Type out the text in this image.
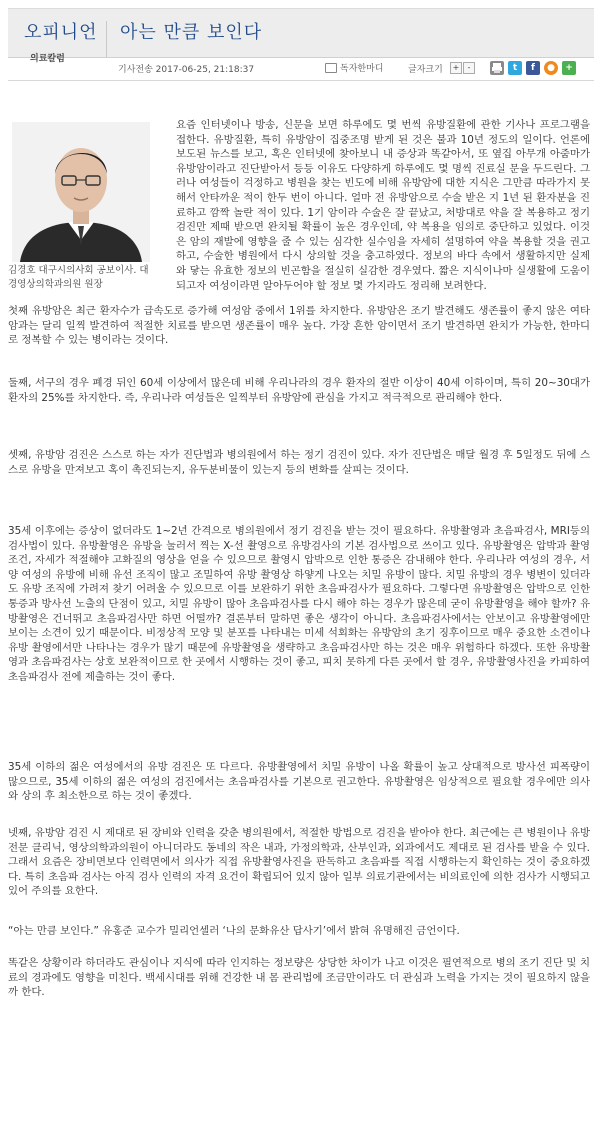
오피니언
의료칼럼
아는 만큼 보인다
기사전송 2017-06-25, 21:18:37	독자한마디	글자크기	+	-	t	f	●	+
김경호 대구시의사회 공보이사. 대경영상의학과의원 원장

요즘 인터넷이나 방송, 신문을 보면 하루에도 몇 번씩 유방질환에 관한 기사나 프로그램을 접한다. 유방질환, 특히 유방암이 집중조명 받게 된 것은 불과 10년 정도의 일이다. 언론에 보도된 뉴스를 보고, 혹은 인터넷에 찾아보니 내 증상과 똑같아서, 또 옆집 아무개 아줌마가 유방암이라고 진단받아서 등등 이유도 다양하게 하루에도 몇 명씩 진료실 문을 두드린다. 그러나 여성들이 걱정하고 병원을 찾는 빈도에 비해 유방암에 대한 지식은 그만큼 따라가지 못해서 안타까운 적이 한두 번이 아니다. 얼마 전 유방암으로 수술 받은 지 1년 된 환자분을 진료하고 깜짝 놀란 적이 있다. 1기 암이라 수술은 잘 끝났고, 처방대로 약을 잘 복용하고 정기검진만 제때 받으면 완치될 확률이 높은 경우인데, 약 복용을 임의로 중단하고 있었다. 이것은 암의 재발에 영향을 줄 수 있는 심각한 실수임을 자세히 설명하여 약을 복용할 것을 권고하고, 수술한 병원에서 다시 상의할 것을 충고하였다. 정보의 바다 속에서 생활하지만 실제 와 닿는 유효한 정보의 빈곤함을 절실히 실감한 경우였다. 짧은 지식이나마 실생활에 도움이 되고자 여성이라면 알아두어야 할 정보 몇 가지라도 정리해 보려한다.

첫째 유방암은 최근 환자수가 급속도로 증가해 여성암 중에서 1위를 차지한다. 유방암은 조기 발견해도 생존률이 좋지 않은 여타 암과는 달리 일찍 발견하여 적절한 치료를 받으면 생존률이 매우 높다. 가장 흔한 암이면서 조기 발견하면 완치가 가능한, 한마디로 정복할 수 있는 병이라는 것이다.

둘째, 서구의 경우 폐경 뒤인 60세 이상에서 많은데 비해 우리나라의 경우 환자의 절반 이상이 40세 이하이며, 특히 20~30대가 환자의 25%를 차지한다. 즉, 우리나라 여성들은 일찍부터 유방암에 관심을 가지고 적극적으로 관리해야 한다.

셋째, 유방암 검진은 스스로 하는 자가 진단법과 병의원에서 하는 정기 검진이 있다. 자가 진단법은 매달 월경 후 5일정도 뒤에 스스로 유방을 만져보고 혹이 촉진되는지, 유두분비물이 있는지 등의 변화를 살피는 것이다.

35세 이후에는 증상이 없더라도 1~2년 간격으로 병의원에서 정기 검진을 받는 것이 필요하다. 유방촬영과 초음파검사, MRI등의 검사법이 있다. 유방촬영은 유방을 눌러서 찍는 X-선 촬영으로 유방검사의 기본 검사법으로 쓰이고 있다. 유방촬영은 압박과 촬영 조건, 자세가 적절해야 고화질의 영상을 얻을 수 있으므로 촬영시 압박으로 인한 통증은 감내해야 한다. 우리나라 여성의 경우, 서양 여성의 유방에 비해 유선 조직이 많고 조밀하여 유방 촬영상 하얗게 나오는 치밀 유방이 많다. 치밀 유방의 경우 병변이 있더라도 유방 조직에 가려져 찾기 어려울 수 있으므로 이를 보완하기 위한 초음파검사가 필요하다. 그렇다면 유방촬영은 압박으로 인한 통증과 방사선 노출의 단점이 있고, 치밀 유방이 많아 초음파검사를 다시 해야 하는 경우가 많은데 굳이 유방촬영을 해야 할까? 유방촬영은 건너뛰고 초음파검사만 하면 어떨까? 결론부터 말하면 좋은 생각이 아니다. 초음파검사에서는 안보이고 유방촬영에만 보이는 소견이 있기 때문이다. 비정상적 모양 및 분포를 나타내는 미세 석회화는 유방암의 초기 징후이므로 매우 중요한 소견이나 유방 촬영에서만 나타나는 경우가 많기 때문에 유방촬영을 생략하고 초음파검사만 하는 것은 매우 위험하다 하겠다. 또한 유방촬영과 초음파검사는 상호 보완적이므로 한 곳에서 시행하는 것이 좋고, 피치 못하게 다른 곳에서 할 경우, 유방촬영사진을 카피하여 초음파검사 전에 제출하는 것이 좋다.

35세 이하의 젊은 여성에서의 유방 검진은 또 다르다. 유방촬영에서 치밀 유방이 나올 확률이 높고 상대적으로 방사선 피폭량이 많으므로, 35세 이하의 젊은 여성의 검진에서는 초음파검사를 기본으로 권고한다. 유방촬영은 임상적으로 필요할 경우에만 의사와 상의 후 최소한으로 하는 것이 좋겠다.

넷째, 유방암 검진 시 제대로 된 장비와 인력을 갖춘 병의원에서, 적절한 방법으로 검진을 받아야 한다. 최근에는 큰 병원이나 유방전문 클리닉, 영상의학과의원이 아니더라도 동네의 작은 내과, 가정의학과, 산부인과, 외과에서도 제대로 된 검사를 받을 수 있다. 그래서 요즘은 장비면보다 인력면에서 의사가 직접 유방촬영사진을 판독하고 초음파를 직접 시행하는지 확인하는 것이 중요하겠다. 특히 초음파 검사는 아직 검사 인력의 자격 요건이 확립되어 있지 않아 일부 의료기관에서는 비의료인에 의한 검사가 시행되고 있어 주의를 요한다.

“아는 만큼 보인다.” 유홍준 교수가 밀리언셀러 ‘나의 문화유산 답사기’에서 밝혀 유명해진 금언이다.

똑같은 상황이라 하더라도 관심이나 지식에 따라 인지하는 정보량은 상당한 차이가 나고 이것은 필연적으로 병의 조기 진단 및 치료의 경과에도 영향을 미친다. 백세시대를 위해 건강한 내 몸 관리법에 조금만이라도 더 관심과 노력을 가지는 것이 필요하지 않을까 한다.
